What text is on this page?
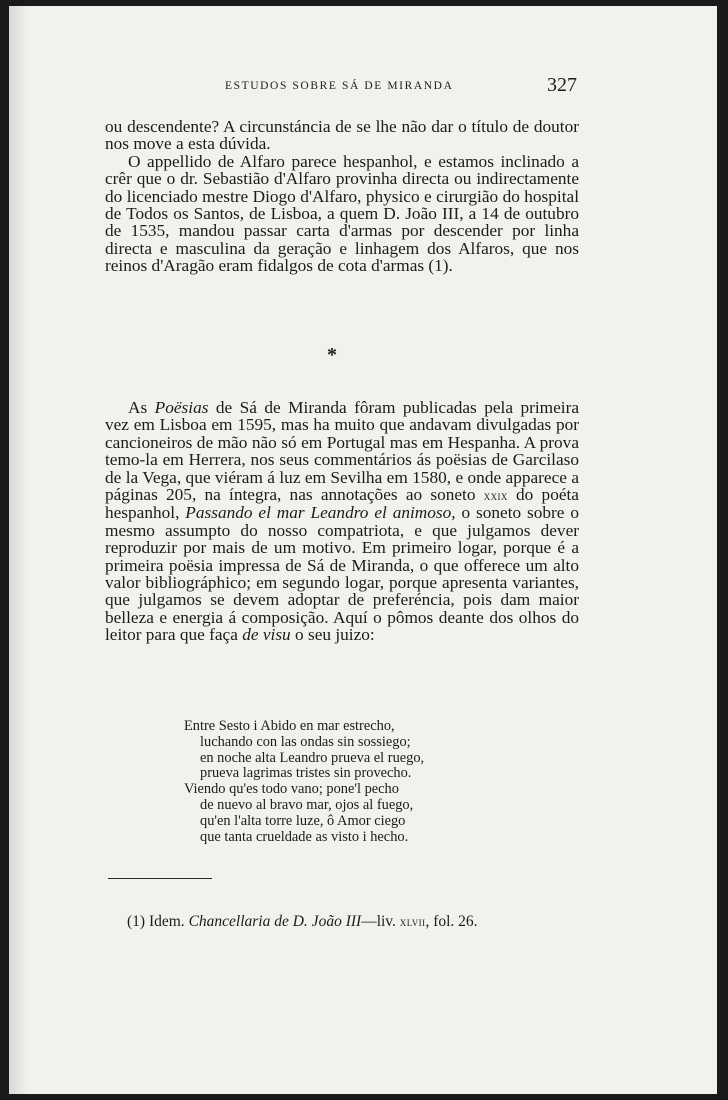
ESTUDOS SOBRE SÁ DE MIRANDA	327

ou descendente? A circunstáncia de se lhe não dar o título de doutor nos move a esta dúvida.

O appellido de Alfaro parece hespanhol, e estamos inclinado a crêr que o dr. Sebastião d'Alfaro provinha directa ou indirectamente do licenciado mestre Diogo d'Alfaro, physico e cirurgião do hospital de Todos os Santos, de Lisboa, a quem D. João III, a 14 de outubro de 1535, mandou passar carta d'armas por descender por linha directa e masculina da geração e linhagem dos Alfaros, que nos reinos d'Aragão eram fidalgos de cota d'armas (1).

*

As Poësias de Sá de Miranda fôram publicadas pela primeira vez em Lisboa em 1595, mas ha muito que andavam divulgadas por cancioneiros de mão não só em Portugal mas em Hespanha. A prova temo-la em Herrera, nos seus commentários ás poësias de Garcilaso de la Vega, que viéram á luz em Sevilha em 1580, e onde apparece a páginas 205, na íntegra, nas annotações ao soneto xxix do poéta hespanhol, Passando el mar Leandro el animoso, o soneto sobre o mesmo assumpto do nosso compatriota, e que julgamos dever reproduzir por mais de um motivo. Em primeiro logar, porque é a primeira poësia impressa de Sá de Miranda, o que offerece um alto valor bibliográphico; em segundo logar, porque apresenta variantes, que julgamos se devem adoptar de preferéncia, pois dam maior belleza e energia á composição. Aquí o pômos deante dos olhos do leitor para que faça de visu o seu juizo:

Entre Sesto i Abido en mar estrecho,
luchando con las ondas sin sossiego;
en noche alta Leandro prueva el ruego,
prueva lagrimas tristes sin provecho.
Viendo qu'es todo vano; pone'l pecho
de nuevo al bravo mar, ojos al fuego,
qu'en l'alta torre luze, ô Amor ciego
que tanta crueldade as visto i hecho.
(1) Idem. Chancellaria de D. João III—liv. xlvii, fol. 26.
